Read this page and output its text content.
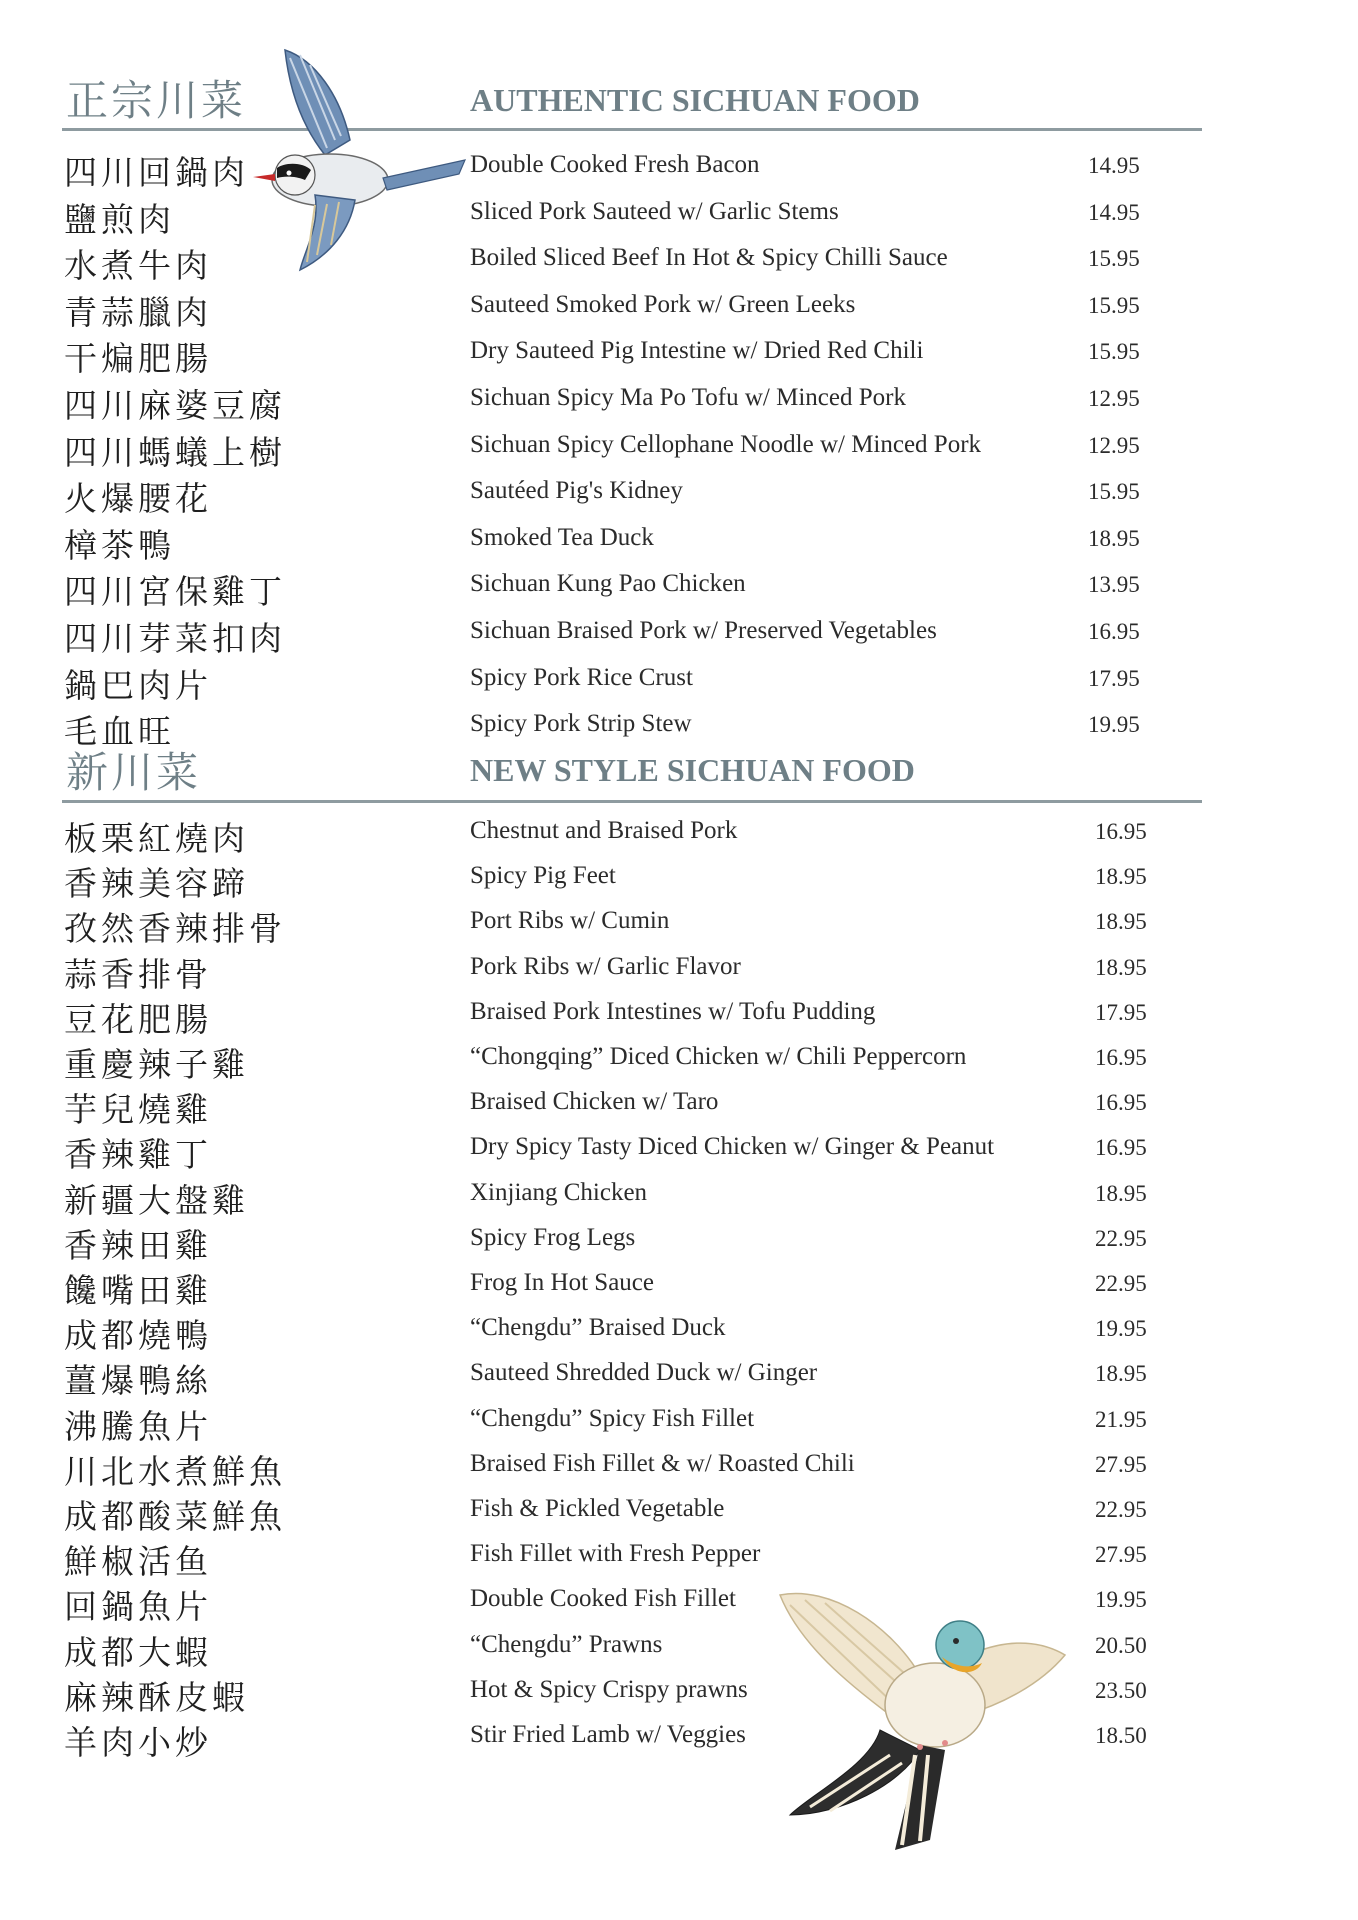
正宗川菜	AUTHENTIC SICHUAN FOOD
四川回鍋肉	Double Cooked Fresh Bacon	14.95
鹽煎肉	Sliced Pork Sauteed w/ Garlic Stems	14.95
水煮牛肉	Boiled Sliced Beef In Hot & Spicy Chilli Sauce	15.95
青蒜臘肉	Sauteed Smoked Pork w/ Green Leeks	15.95
干煸肥腸	Dry Sauteed Pig Intestine w/ Dried Red Chili	15.95
四川麻婆豆腐	Sichuan Spicy Ma Po Tofu w/ Minced Pork	12.95
四川螞蟻上樹	Sichuan Spicy Cellophane Noodle w/ Minced Pork	12.95
火爆腰花	Sautéed Pig's Kidney	15.95
樟茶鴨	Smoked Tea Duck	18.95
四川宮保雞丁	Sichuan Kung Pao Chicken	13.95
四川芽菜扣肉	Sichuan Braised Pork w/ Preserved Vegetables	16.95
鍋巴肉片	Spicy Pork Rice Crust	17.95
毛血旺	Spicy Pork Strip Stew	19.95
新川菜	NEW STYLE SICHUAN FOOD
板栗紅燒肉	Chestnut and Braised Pork	16.95
香辣美容蹄	Spicy Pig Feet	18.95
孜然香辣排骨	Port Ribs w/ Cumin	18.95
蒜香排骨	Pork Ribs w/ Garlic Flavor	18.95
豆花肥腸	Braised Pork Intestines w/ Tofu Pudding	17.95
重慶辣子雞	“Chongqing” Diced Chicken w/ Chili Peppercorn	16.95
芋兒燒雞	Braised Chicken w/ Taro	16.95
香辣雞丁	Dry Spicy Tasty Diced Chicken w/ Ginger & Peanut	16.95
新疆大盤雞	Xinjiang Chicken	18.95
香辣田雞	Spicy Frog Legs	22.95
饞嘴田雞	Frog In Hot Sauce	22.95
成都燒鴨	“Chengdu” Braised Duck	19.95
薑爆鴨絲	Sauteed Shredded Duck w/ Ginger	18.95
沸騰魚片	“Chengdu” Spicy Fish Fillet	21.95
川北水煮鮮魚	Braised Fish Fillet & w/ Roasted Chili	27.95
成都酸菜鮮魚	Fish & Pickled Vegetable	22.95
鮮椒活鱼	Fish Fillet with Fresh Pepper	27.95
回鍋魚片	Double Cooked Fish Fillet	19.95
成都大蝦	“Chengdu” Prawns	20.50
麻辣酥皮蝦	Hot & Spicy Crispy prawns	23.50
羊肉小炒	Stir Fried Lamb w/ Veggies	18.50
